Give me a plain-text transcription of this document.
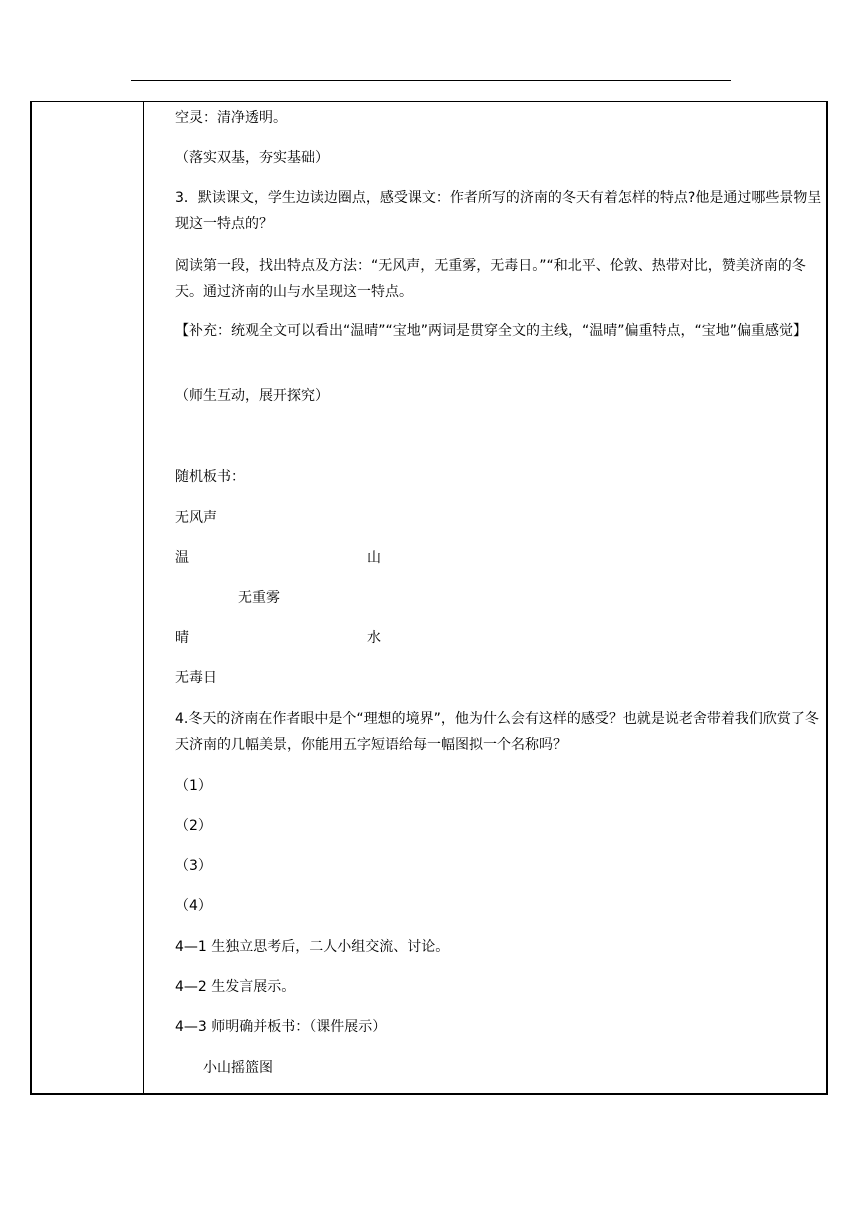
空灵：清净透明。
（落实双基，夯实基础）
3．默读课文，学生边读边圈点，感受课文：作者所写的济南的冬天有着怎样的特点?他是通过哪些景物呈现这一特点的？
阅读第一段，找出特点及方法：“无风声，无重雾，无毒日。”“和北平、伦敦、热带对比，赞美济南的冬天。通过济南的山与水呈现这一特点。
【补充：统观全文可以看出“温晴”“宝地”两词是贯穿全文的主线，“温晴”偏重特点，“宝地”偏重感觉】
（师生互动，展开探究）
随机板书：
无风声
温	山
无重雾
晴	水
无毒日
4.冬天的济南在作者眼中是个“理想的境界”，他为什么会有这样的感受？也就是说老舍带着我们欣赏了冬天济南的几幅美景，你能用五字短语给每一幅图拟一个名称吗？
（1）
（2）
（3）
（4）
4—1 生独立思考后，二人小组交流、讨论。
4—2 生发言展示。
4—3 师明确并板书：（课件展示）
小山摇篮图
